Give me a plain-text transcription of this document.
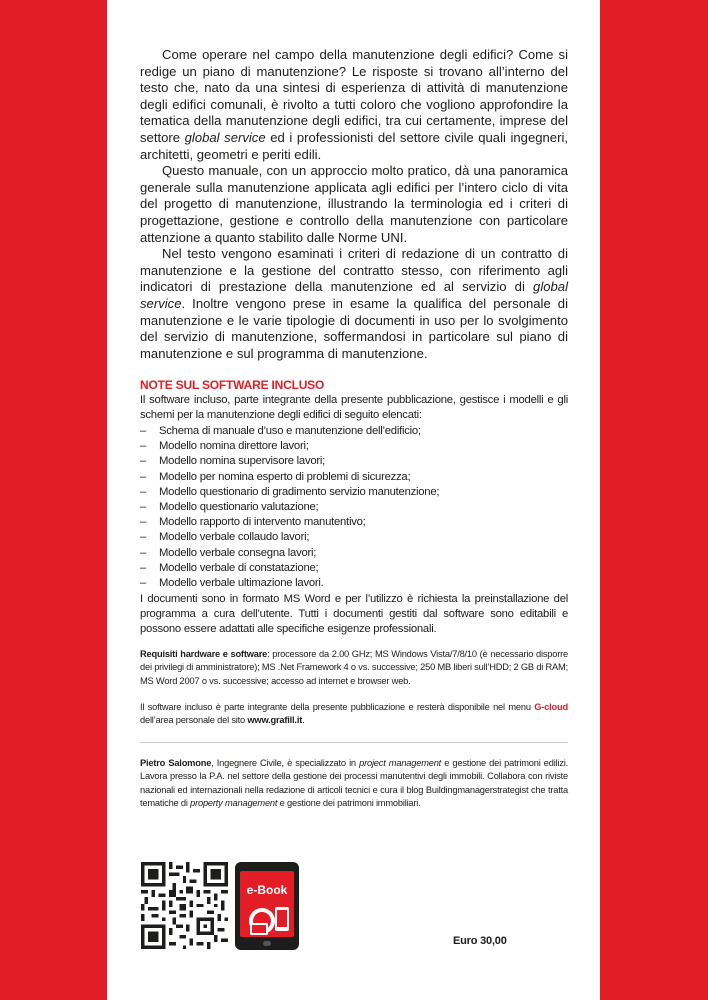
Come operare nel campo della manutenzione degli edifici? Come si redige un piano di manutenzione? Le risposte si trovano all’interno del testo che, nato da una sintesi di esperienza di attività di manutenzione degli edifici comunali, è rivolto a tutti coloro che vogliono approfondire la tematica della manutenzione degli edifici, tra cui certamente, imprese del settore global service ed i professionisti del settore civile quali ingegneri, architetti, geometri e periti edili.

Questo manuale, con un approccio molto pratico, dà una panoramica generale sulla manutenzione applicata agli edifici per l’intero ciclo di vita del progetto di manutenzione, illustrando la terminologia ed i criteri di progettazione, gestione e controllo della manutenzione con particolare attenzione a quanto stabilito dalle Norme UNI.

Nel testo vengono esaminati i criteri di redazione di un contratto di manutenzione e la gestione del contratto stesso, con riferimento agli indicatori di prestazione della manutenzione ed al servizio di global service. Inoltre vengono prese in esame la qualifica del personale di manutenzione e le varie tipologie di documenti in uso per lo svolgimento del servizio di manutenzione, soffermandosi in particolare sul piano di manutenzione e sul programma di manutenzione.

NOTE SUL SOFTWARE INCLUSO
Il software incluso, parte integrante della presente pubblicazione, gestisce i modelli e gli schemi per la manutenzione degli edifici di seguito elencati:
– Schema di manuale d’uso e manutenzione dell’edificio;
– Modello nomina direttore lavori;
– Modello nomina supervisore lavori;
– Modello per nomina esperto di problemi di sicurezza;
– Modello questionario di gradimento servizio manutenzione;
– Modello questionario valutazione;
– Modello rapporto di intervento manutentivo;
– Modello verbale collaudo lavori;
– Modello verbale consegna lavori;
– Modello verbale di constatazione;
– Modello verbale ultimazione lavori.
I documenti sono in formato MS Word e per l’utilizzo è richiesta la preinstallazione del programma a cura dell’utente. Tutti i documenti gestiti dal software sono editabili e possono essere adattati alle specifiche esigenze professionali.
Requisiti hardware e software: processore da 2.00 GHz; MS Windows Vista/7/8/10 (è necessario disporre dei privilegi di amministratore); MS .Net Framework 4 o vs. successive; 250 MB liberi sull’HDD; 2 GB di RAM; MS Word 2007 o vs. successive; accesso ad internet e browser web.
Il software incluso è parte integrante della presente pubblicazione e resterà disponibile nel menu G-cloud dell’area personale del sito www.grafill.it.
Pietro Salomone, Ingegnere Civile, è specializzato in project management e gestione dei patrimoni edilizi. Lavora presso la P.A. nel settore della gestione dei processi manutentivi degli immobili. Collabora con riviste nazionali ed internazionali nella redazione di articoli tecnici e cura il blog Buildingmanagerstrategist che tratta tematiche di property management e gestione dei patrimoni immobiliari.
e-Book
Euro 30,00
